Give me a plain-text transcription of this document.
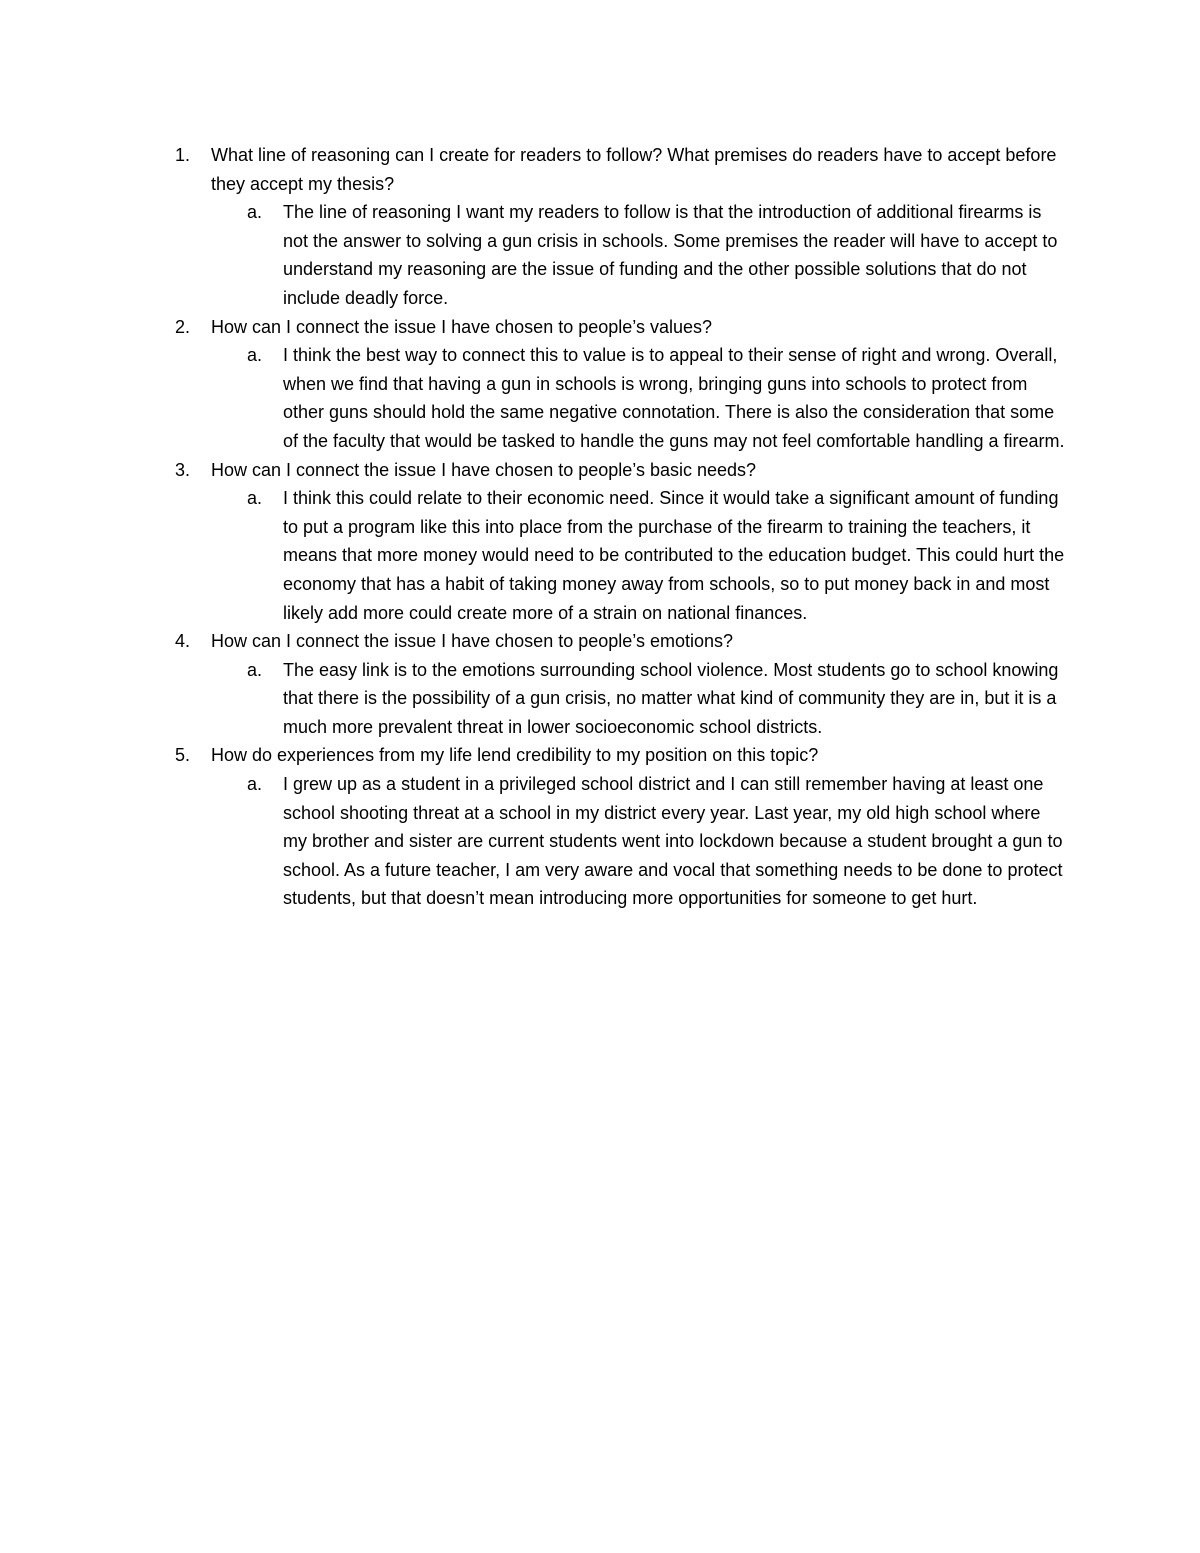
1. What line of reasoning can I create for readers to follow? What premises do readers have to accept before they accept my thesis?
a. The line of reasoning I want my readers to follow is that the introduction of additional firearms is not the answer to solving a gun crisis in schools. Some premises the reader will have to accept to understand my reasoning are the issue of funding and the other possible solutions that do not include deadly force.
2. How can I connect the issue I have chosen to people’s values?
a. I think the best way to connect this to value is to appeal to their sense of right and wrong. Overall, when we find that having a gun in schools is wrong, bringing guns into schools to protect from other guns should hold the same negative connotation. There is also the consideration that some of the faculty that would be tasked to handle the guns may not feel comfortable handling a firearm.
3. How can I connect the issue I have chosen to people’s basic needs?
a. I think this could relate to their economic need. Since it would take a significant amount of funding to put a program like this into place from the purchase of the firearm to training the teachers, it means that more money would need to be contributed to the education budget. This could hurt the economy that has a habit of taking money away from schools, so to put money back in and most likely add more could create more of a strain on national finances.
4. How can I connect the issue I have chosen to people’s emotions?
a. The easy link is to the emotions surrounding school violence. Most students go to school knowing that there is the possibility of a gun crisis, no matter what kind of community they are in, but it is a much more prevalent threat in lower socioeconomic school districts.
5. How do experiences from my life lend credibility to my position on this topic?
a. I grew up as a student in a privileged school district and I can still remember having at least one school shooting threat at a school in my district every year. Last year, my old high school where my brother and sister are current students went into lockdown because a student brought a gun to school. As a future teacher, I am very aware and vocal that something needs to be done to protect students, but that doesn’t mean introducing more opportunities for someone to get hurt.
